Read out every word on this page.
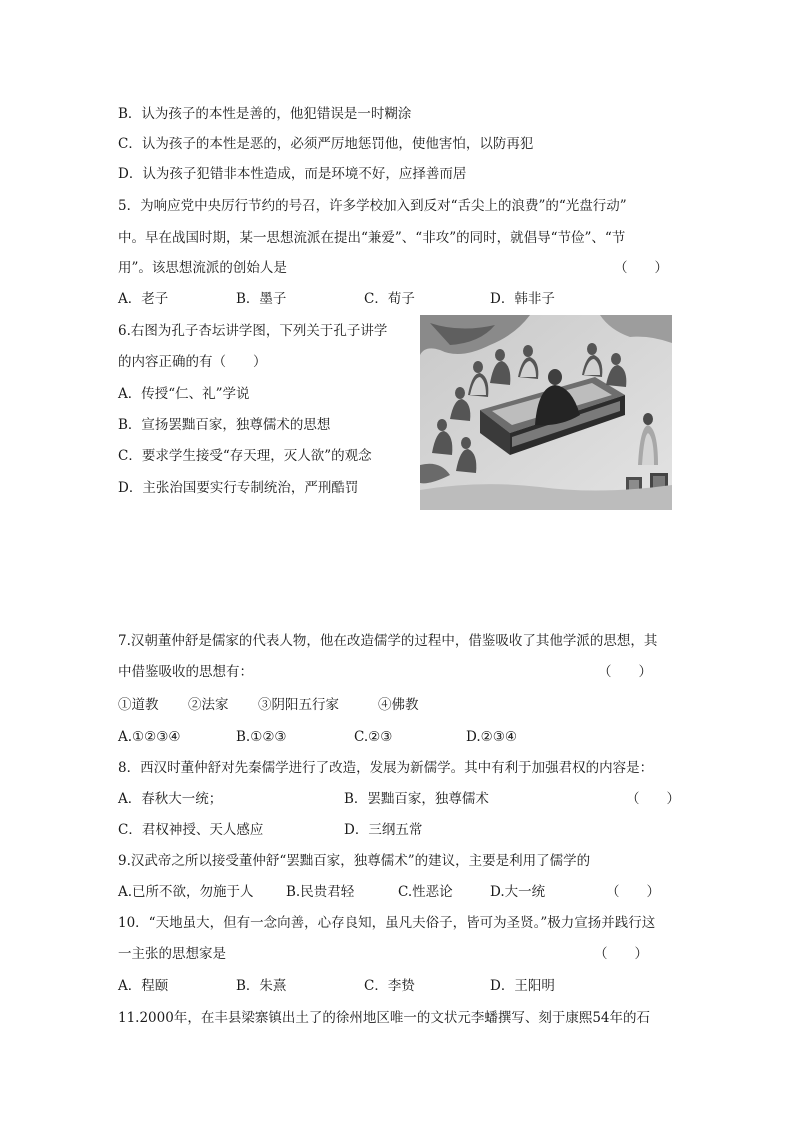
B．认为孩子的本性是善的，他犯错误是一时糊涂
C．认为孩子的本性是恶的，必须严厉地惩罚他，使他害怕，以防再犯
D．认为孩子犯错非本性造成，而是环境不好，应择善而居
5．为响应党中央厉行节约的号召，许多学校加入到反对“舌尖上的浪费”的“光盘行动”
中。早在战国时期，某一思想流派在提出“兼爱”、“非攻”的同时，就倡导“节俭”、“节
用”。该思想流派的创始人是	（　　）
A．老子	B．墨子	C．荀子	D．韩非子
6.右图为孔子杏坛讲学图，下列关于孔子讲学
的内容正确的有（　　）
A．传授“仁、礼”学说
B．宣扬罢黜百家，独尊儒术的思想
C．要求学生接受“存天理，灭人欲”的观念
D．主张治国要实行专制统治，严刑酷罚
7.汉朝董仲舒是儒家的代表人物，他在改造儒学的过程中，借鉴吸收了其他学派的思想，其
中借鉴吸收的思想有：	（　　）
①道教 ②法家 ③阴阳五行家	④佛教
A.①②③④	B.①②③	C.②③	D.②③④
8．西汉时董仲舒对先秦儒学进行了改造，发展为新儒学。其中有利于加强君权的内容是：
A．春秋大一统；	B．罢黜百家，独尊儒术	（　　）
C．君权神授、天人感应	D．三纲五常
9.汉武帝之所以接受董仲舒“罢黜百家，独尊儒术”的建议，主要是利用了儒学的
A.已所不欲，勿施于人 B.民贵君轻	C.性恶论	D.大一统	（　　）
10．“天地虽大，但有一念向善，心存良知，虽凡夫俗子，皆可为圣贤。”极力宣扬并践行这
一主张的思想家是	（　　）
A．程颐	B．朱熹	C．李贽	D．王阳明
11.2000年，在丰县梁寨镇出土了的徐州地区唯一的文状元李蟠撰写、刻于康熙54年的石
